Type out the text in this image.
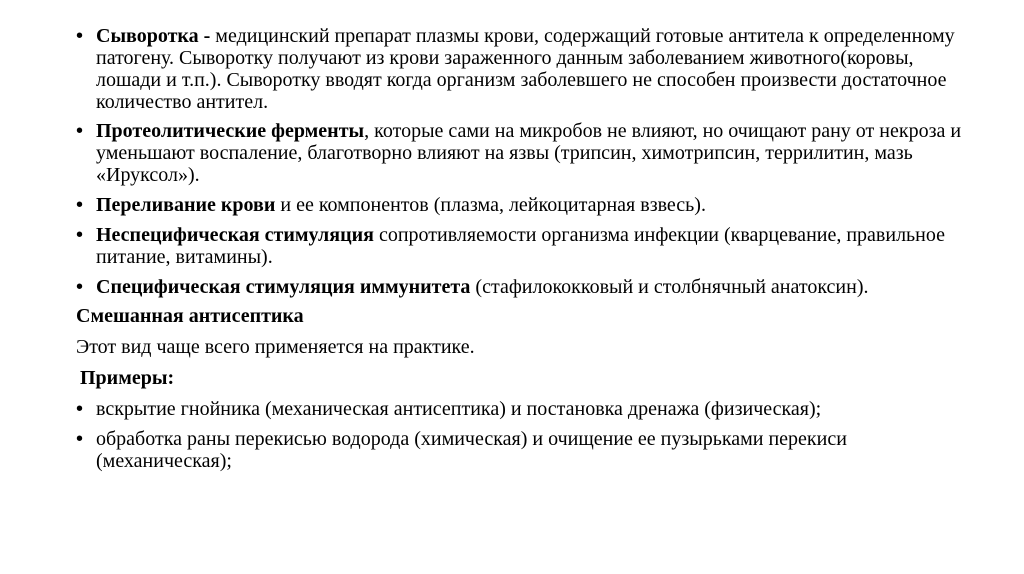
• Сыворотка - медицинский препарат плазмы крови, содержащий готовые антитела к определенному патогену. Сыворотку получают из крови зараженного данным заболеванием животного(коровы, лошади и т.п.). Сыворотку вводят когда организм заболевшего не способен произвести достаточное количество антител.
• Протеолитические ферменты, которые сами на микробов не влияют, но очищают рану от некроза и уменьшают воспаление, благотворно влияют на язвы (трипсин, химотрипсин, террилитин, мазь «Ируксол»).
• Переливание крови и ее компонентов (плазма, лейкоцитарная взвесь).
• Неспецифическая стимуляция сопротивляемости организма инфекции (кварцевание, правильное питание, витамины).
• Специфическая стимуляция иммунитета (стафилококковый и столбнячный анатоксин).
Смешанная антисептика
Этот вид чаще всего применяется на практике.
Примеры:
• вскрытие гнойника (механическая антисептика) и постановка дренажа (физическая);
• обработка раны перекисью водорода (химическая) и очищение ее пузырьками перекиси (механическая);
